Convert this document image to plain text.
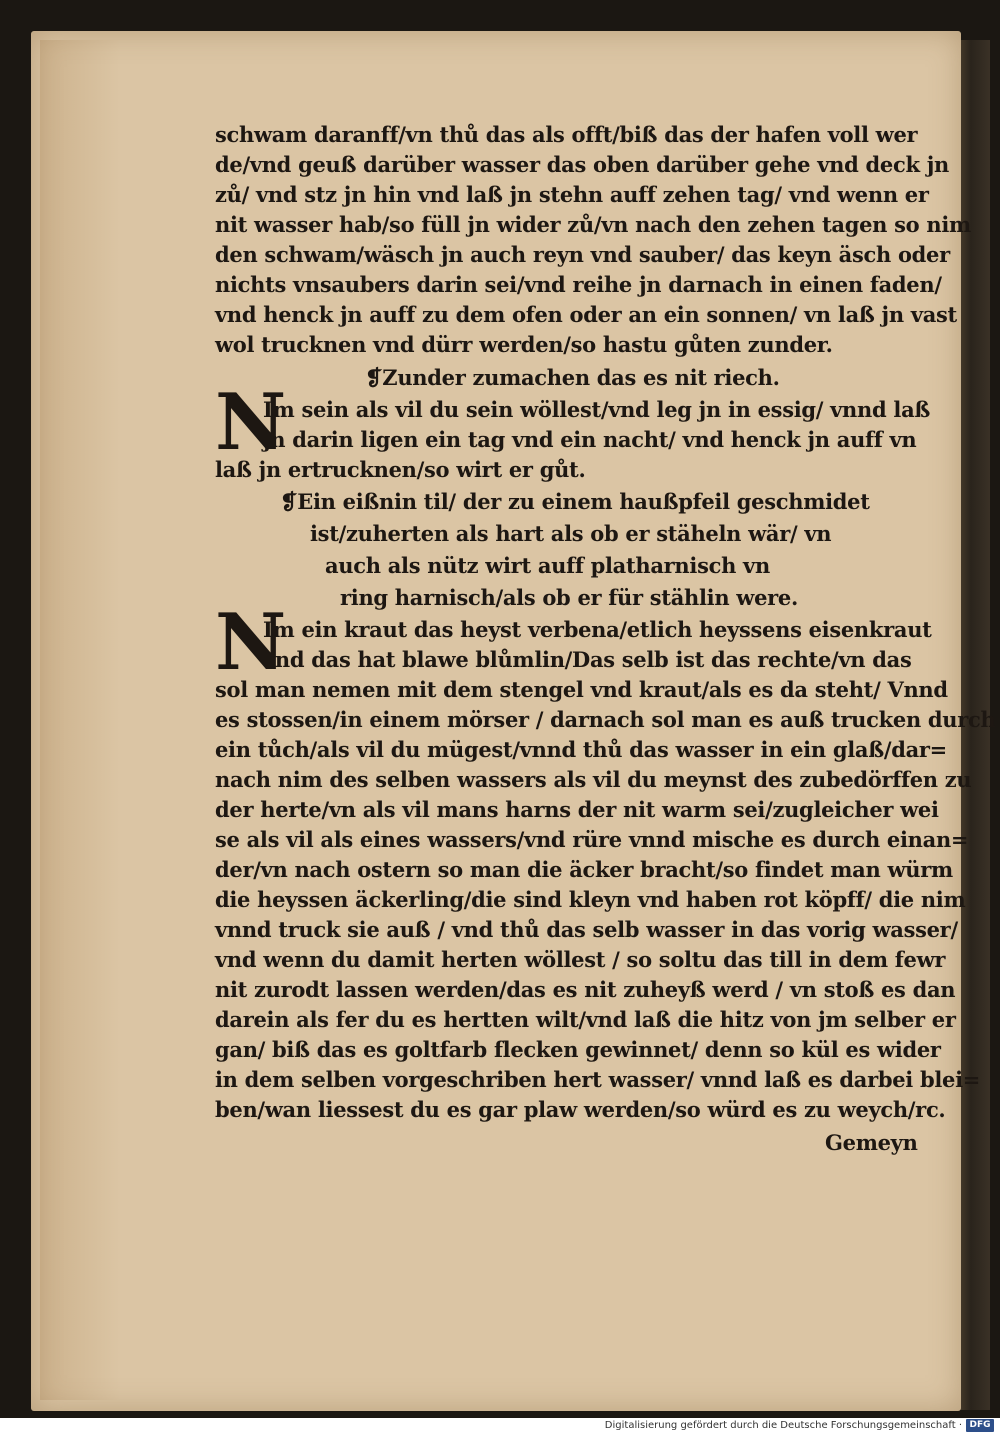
schwam daranff/vn thů das als offt/biß das der hafen voll wer
de/vnd geuß darüber wasser das oben darüber gehe vnd deck jn
zů/ vnd stz jn hin vnd laß jn stehn auff zehen tag/ vnd wenn er
nit wasser hab/so füll jn wider zů/vn nach den zehen tagen so nim
den schwam/wäsch jn auch reyn vnd sauber/ das keyn äsch oder
nichts vnsaubers darin sei/vnd reihe jn darnach in einen faden/
vnd henck jn auff zu dem ofen oder an ein sonnen/ vn laß jn vast
wol trucknen vnd dürr werden/so hastu gůten zunder.
❡Zunder zumachen das es nit riech.
Im sein als vil du sein wöllest/vnd leg jn in essig/ vnnd laß
jn darin ligen ein tag vnd ein nacht/ vnd henck jn auff vn
laß jn ertrucknen/so wirt er gůt.
❡Ein eißnin til/ der zu einem haußpfeil geschmidet
ist/zuherten als hart als ob er stäheln wär/ vn
auch als nütz wirt auff platharnisch vn
ring harnisch/als ob er für stählin were.
Im ein kraut das heyst verbena/etlich heyssens eisenkraut
vnd das hat blawe blůmlin/Das selb ist das rechte/vn das
sol man nemen mit dem stengel vnd kraut/als es da steht/ Vnnd
es stossen/in einem mörser / darnach sol man es auß trucken durch
ein tůch/als vil du mügest/vnnd thů das wasser in ein glaß/dar=
nach nim des selben wassers als vil du meynst des zubedörffen zu
der herte/vn als vil mans harns der nit warm sei/zugleicher wei
se als vil als eines wassers/vnd rüre vnnd mische es durch einan=
der/vn nach ostern so man die äcker bracht/so findet man würm
die heyssen äckerling/die sind kleyn vnd haben rot köpff/ die nim
vnnd truck sie auß / vnd thů das selb wasser in das vorig wasser/
vnd wenn du damit herten wöllest / so soltu das till in dem fewr
nit zurodt lassen werden/das es nit zuheyß werd / vn stoß es dan
darein als fer du es hertten wilt/vnd laß die hitz von jm selber er
gan/ biß das es goltfarb flecken gewinnet/ denn so kül es wider
in dem selben vorgeschriben hert wasser/ vnnd laß es darbei blei=
ben/wan liessest du es gar plaw werden/so würd es zu weych/rc.
Gemeyn
N
N
Digitalisierung gefördert durch die Deutsche Forschungsgemeinschaft · DFG
